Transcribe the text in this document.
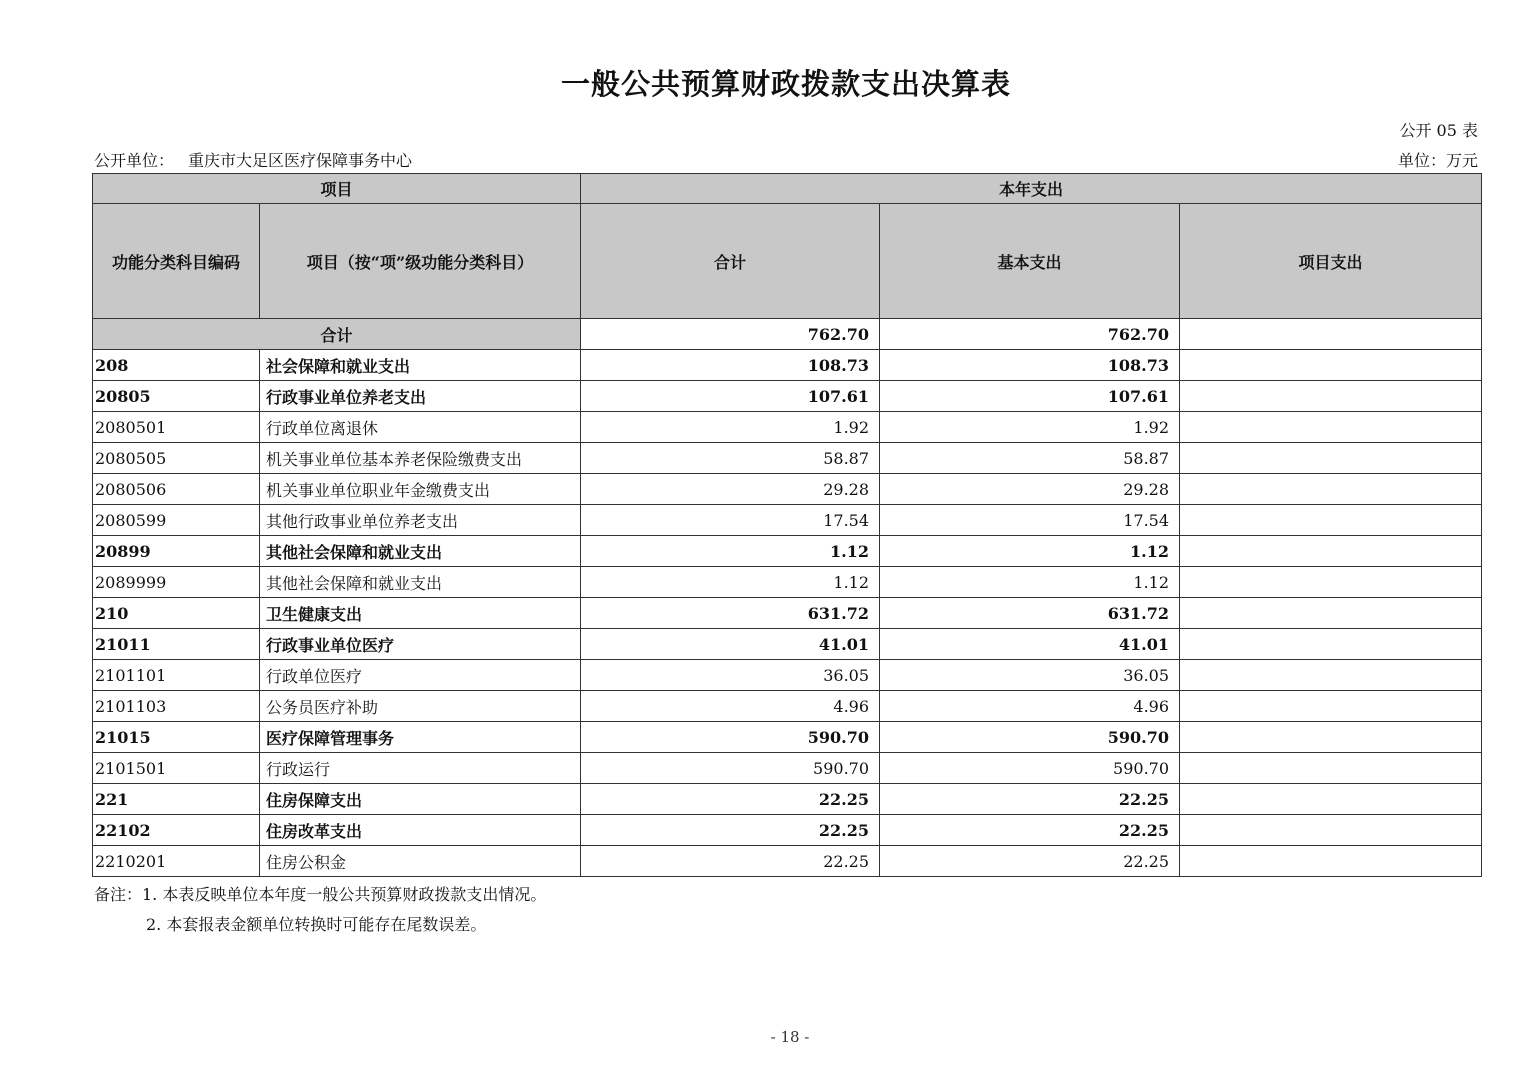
一般公共预算财政拨款支出决算表
公开 05 表
公开单位： 重庆市大足区医疗保障事务中心	单位：万元
项目		本年支出		
功能分类科目编码	项目（按“项”级功能分类科目）	合计	基本支出	项目支出
合计		762.70	762.70	
208	社会保障和就业支出	108.73	108.73	
20805	行政事业单位养老支出	107.61	107.61	
2080501	行政单位离退休	1.92	1.92	
2080505	机关事业单位基本养老保险缴费支出	58.87	58.87	
2080506	机关事业单位职业年金缴费支出	29.28	29.28	
2080599	其他行政事业单位养老支出	17.54	17.54	
20899	其他社会保障和就业支出	1.12	1.12	
2089999	其他社会保障和就业支出	1.12	1.12	
210	卫生健康支出	631.72	631.72	
21011	行政事业单位医疗	41.01	41.01	
2101101	行政单位医疗	36.05	36.05	
2101103	公务员医疗补助	4.96	4.96	
21015	医疗保障管理事务	590.70	590.70	
2101501	行政运行	590.70	590.70	
221	住房保障支出	22.25	22.25	
22102	住房改革支出	22.25	22.25	
2210201	住房公积金	22.25	22.25	
备注：1. 本表反映单位本年度一般公共预算财政拨款支出情况。
2. 本套报表金额单位转换时可能存在尾数误差。
- 18 -
